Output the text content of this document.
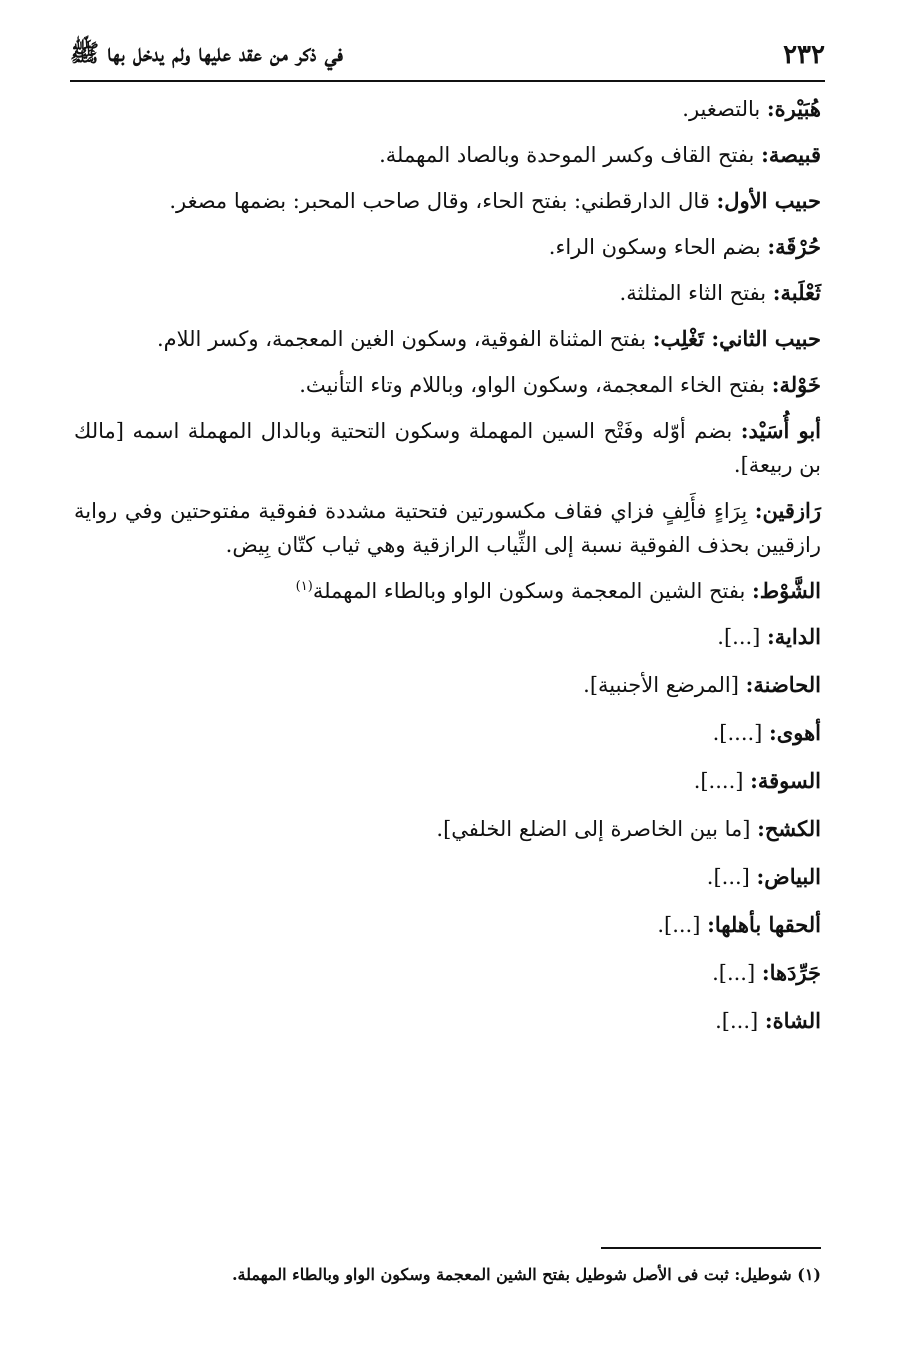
٢٣٢
في ذكر من عقد عليها ولم يدخل بها ﷺ

هُبَيْرة: بالتصغير.

قبيصة: بفتح القاف وكسر الموحدة وبالصاد المهملة.

حبيب الأول: قال الدارقطني: بفتح الحاء، وقال صاحب المحبر: بضمها مصغر.

حُرْقَة: بضم الحاء وسكون الراء.

ثَعْلَبة: بفتح الثاء المثلثة.

حبيب الثاني: تَغْلِب: بفتح المثناة الفوقية، وسكون الغين المعجمة، وكسر اللام.

خَوْلة: بفتح الخاء المعجمة، وسكون الواو، وباللام وتاء التأنيث.

أبو أُسَيْد: بضم أوّله وفَتْح السين المهملة وسكون التحتية وبالدال المهملة اسمه [مالك بن ربيعة].

رَازقين: بِرَاءٍ فأَلِفٍ فزاي فقاف مكسورتين فتحتية مشددة ففوقية مفتوحتين وفي رواية رازقيين بحذف الفوقية نسبة إلى الثِّياب الرازقية وهي ثياب كتّان بِيض.

الشَّوْط: بفتح الشين المعجمة وسكون الواو وبالطاء المهملة$^{(١)}$

الداية: [...].

الحاضنة: [المرضع الأجنبية].

أهوى: [....].

السوقة: [....].

الكشح: [ما بين الخاصرة إلى الضلع الخلفي].

البياض: [...].

ألحقها بأهلها: [...].

جَرِّدَها: [...].

الشاة: [...].

(١) شوطيل: ثبت فى الأصل شوطيل بفتح الشين المعجمة وسكون الواو وبالطاء المهملة.
